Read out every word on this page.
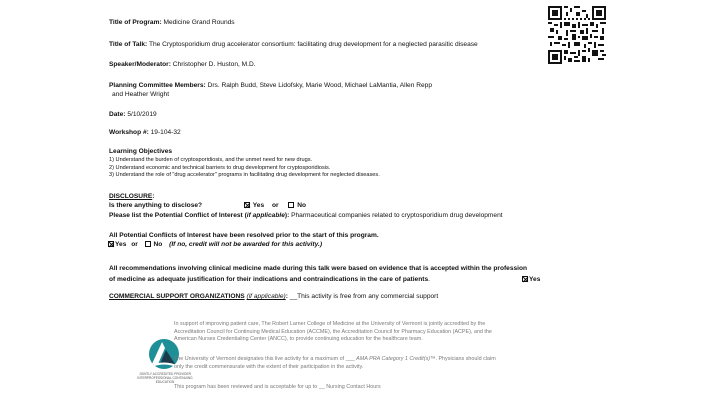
Title of Program: Medicine Grand Rounds
Title of Talk: The Cryptosporidium drug accelerator consortium: facilitating drug development for a neglected parasitic disease
Speaker/Moderator: Christopher D. Huston, M.D.
Planning Committee Members: Drs. Ralph Budd, Steve Lidofsky, Marie Wood, Michael LaMantia, Allen Repp
and Heather Wright
Date: 5/10/2019
Workshop #: 19-104-32
Learning Objectives
1) Understand the burden of cryptosporidiosis, and the unmet need for new drugs.
2) Understand economic and technical barriers to drug development for cryptosporidiosis.
3) Understand the role of "drug accelerator" programs in facilitating drug development for neglected diseases.
DISCLOSURE:
Is there anything to disclose?	Yes or	No
Please list the Potential Conflict of Interest (if applicable): Pharmaceutical companies related to cryptosporidium drug development
All Potential Conflicts of Interest have been resolved prior to the start of this program.
Yes or No (If no, credit will not be awarded for this activity.)
All recommendations involving clinical medicine made during this talk were based on evidence that is accepted within the profession
of medicine as adequate justification for their indications and contraindications in the care of patients.	Yes
COMMERCIAL SUPPORT ORGANIZATIONS (if applicable): __This activity is free from any commercial support
JOINTLY ACCREDITED PROVIDER
INTERPROFESSIONAL CONTINUING EDUCATION
In support of improving patient care, The Robert Larner College of Medicine at the University of Vermont is jointly accredited by the
Accreditation Council for Continuing Medical Education (ACCME), the Accreditation Council for Pharmacy Education (ACPE), and the
American Nurses Credentialing Center (ANCC), to provide continuing education for the healthcare team.
The University of Vermont designates this live activity for a maximum of ___ AMA PRA Category 1 Credit(s)™. Physicians should claim
only the credit commensurate with the extent of their participation in the activity.
This program has been reviewed and is acceptable for up to __ Nursing Contact Hours
